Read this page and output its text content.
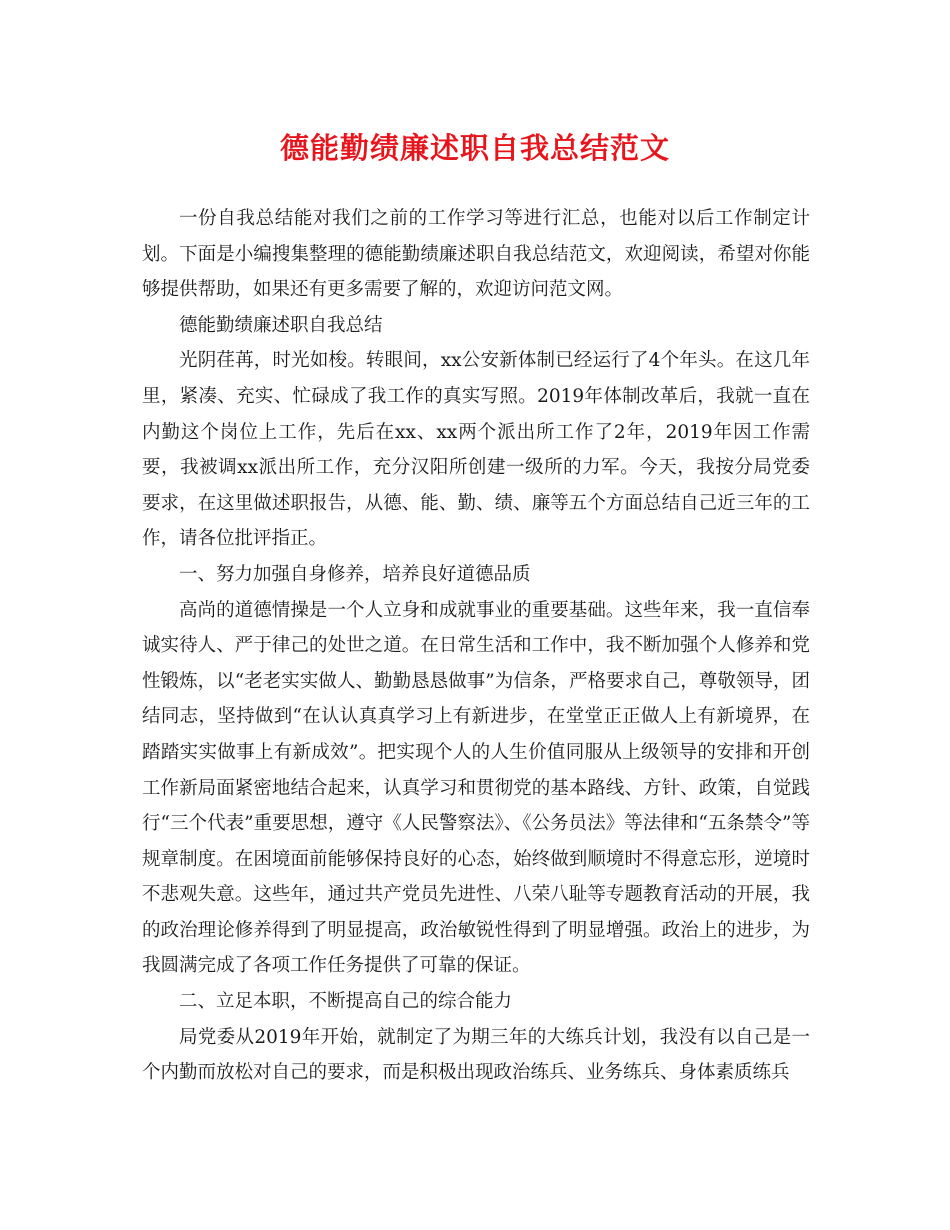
德能勤绩廉述职自我总结范文

一份自我总结能对我们之前的工作学习等进行汇总，也能对以后工作制定计划。下面是小编搜集整理的德能勤绩廉述职自我总结范文，欢迎阅读，希望对你能够提供帮助，如果还有更多需要了解的，欢迎访问范文网。

德能勤绩廉述职自我总结

光阴荏苒，时光如梭。转眼间，xx公安新体制已经运行了4个年头。在这几年里，紧凑、充实、忙碌成了我工作的真实写照。2019年体制改革后，我就一直在内勤这个岗位上工作，先后在xx、xx两个派出所工作了2年，2019年因工作需要，我被调xx派出所工作，充分汉阳所创建一级所的力军。今天，我按分局党委要求，在这里做述职报告，从德、能、勤、绩、廉等五个方面总结自己近三年的工作，请各位批评指正。

一、努力加强自身修养，培养良好道德品质

高尚的道德情操是一个人立身和成就事业的重要基础。这些年来，我一直信奉诚实待人、严于律己的处世之道。在日常生活和工作中，我不断加强个人修养和党性锻炼，以“老老实实做人、勤勤恳恳做事”为信条，严格要求自己，尊敬领导，团结同志，坚持做到“在认认真真学习上有新进步，在堂堂正正做人上有新境界，在踏踏实实做事上有新成效”。把实现个人的人生价值同服从上级领导的安排和开创工作新局面紧密地结合起来，认真学习和贯彻党的基本路线、方针、政策，自觉践行“三个代表”重要思想，遵守《人民警察法》、《公务员法》等法律和“五条禁令”等规章制度。在困境面前能够保持良好的心态，始终做到顺境时不得意忘形，逆境时不悲观失意。这些年，通过共产党员先进性、八荣八耻等专题教育活动的开展，我的政治理论修养得到了明显提高，政治敏锐性得到了明显增强。政治上的进步，为我圆满完成了各项工作任务提供了可靠的保证。

二、立足本职，不断提高自己的综合能力

局党委从2019年开始，就制定了为期三年的大练兵计划，我没有以自己是一个内勤而放松对自己的要求，而是积极出现政治练兵、业务练兵、身体素质练兵
